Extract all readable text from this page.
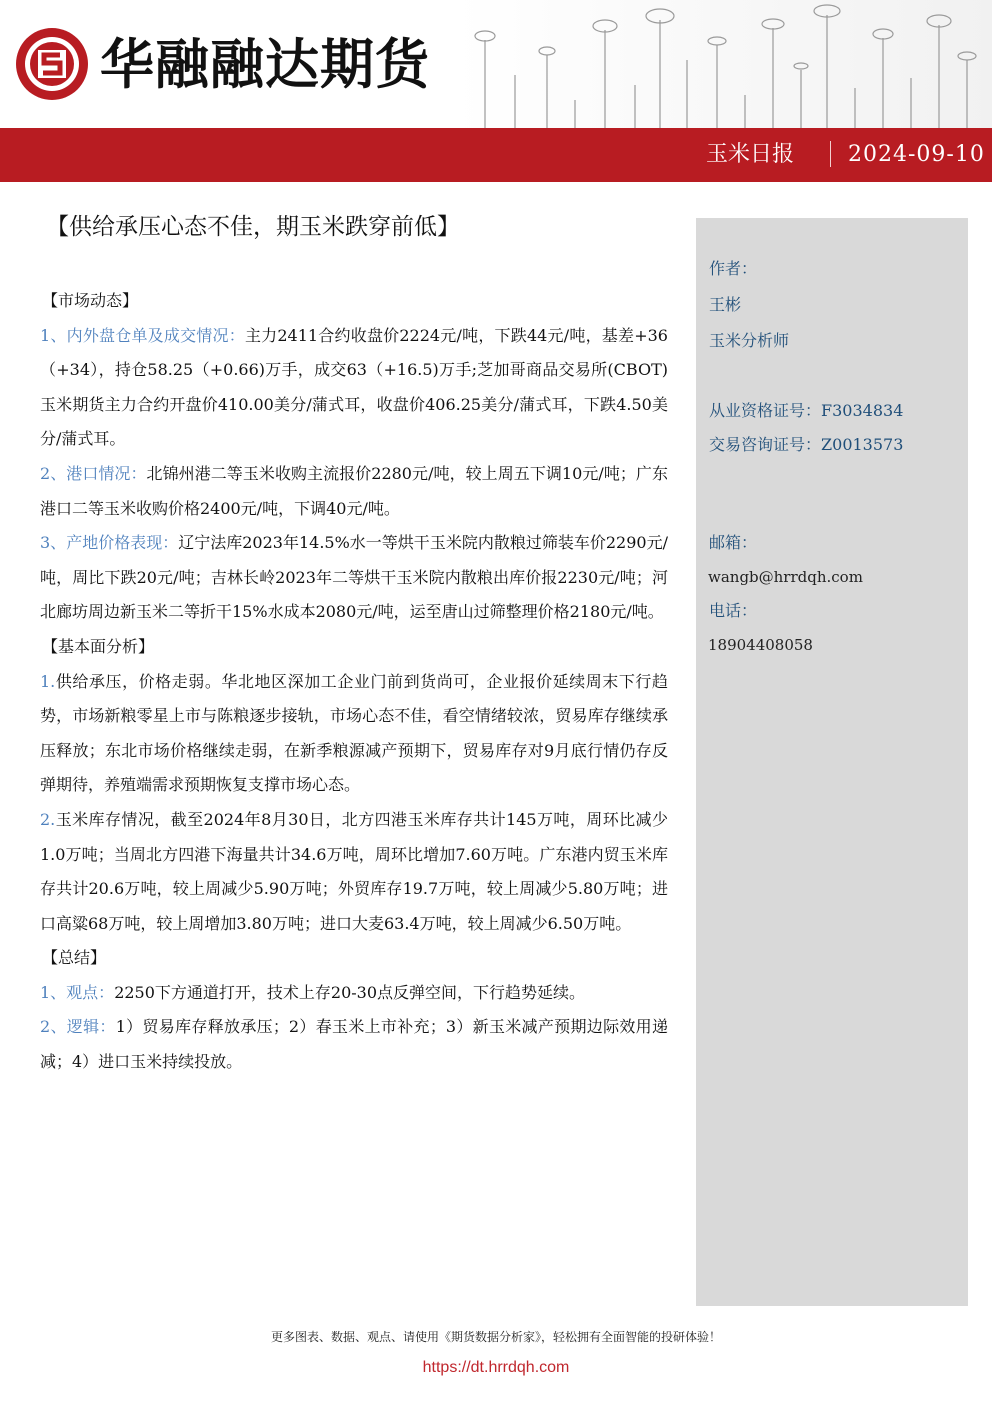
华融融达期货
玉米日报 2024-09-10
【供给承压心态不佳，期玉米跌穿前低】
【市场动态】
1、内外盘仓单及成交情况：主力2411合约收盘价2224元/吨，下跌44元/吨，基差+36（+34），持仓58.25（+0.66)万手，成交63（+16.5)万手;芝加哥商品交易所(CBOT)玉米期货主力合约开盘价410.00美分/蒲式耳，收盘价406.25美分/蒲式耳，下跌4.50美分/蒲式耳。
2、港口情况：北锦州港二等玉米收购主流报价2280元/吨，较上周五下调10元/吨；广东港口二等玉米收购价格2400元/吨，下调40元/吨。
3、产地价格表现：辽宁法库2023年14.5%水一等烘干玉米院内散粮过筛装车价2290元/吨，周比下跌20元/吨；吉林长岭2023年二等烘干玉米院内散粮出库价报2230元/吨；河北廊坊周边新玉米二等折干15%水成本2080元/吨，运至唐山过筛整理价格2180元/吨。
【基本面分析】
1.供给承压，价格走弱。华北地区深加工企业门前到货尚可，企业报价延续周末下行趋势，市场新粮零星上市与陈粮逐步接轨，市场心态不佳，看空情绪较浓，贸易库存继续承压释放；东北市场价格继续走弱，在新季粮源减产预期下，贸易库存对9月底行情仍存反弹期待，养殖端需求预期恢复支撑市场心态。
2.玉米库存情况，截至2024年8月30日，北方四港玉米库存共计145万吨，周环比减少1.0万吨；当周北方四港下海量共计34.6万吨，周环比增加7.60万吨。广东港内贸玉米库存共计20.6万吨，较上周减少5.90万吨；外贸库存19.7万吨，较上周减少5.80万吨；进口高粱68万吨，较上周增加3.80万吨；进口大麦63.4万吨，较上周减少6.50万吨。
【总结】
1、观点：2250下方通道打开，技术上存20-30点反弹空间，下行趋势延续。
2、逻辑：1）贸易库存释放承压；2）春玉米上市补充；3）新玉米减产预期边际效用递减；4）进口玉米持续投放。
作者：
王彬
玉米分析师
从业资格证号：F3034834
交易咨询证号：Z0013573
邮箱：
wangb@hrrdqh.com
电话：
18904408058
更多图表、数据、观点、请使用《期货数据分析家》，轻松拥有全面智能的投研体验！
https://dt.hrrdqh.com
